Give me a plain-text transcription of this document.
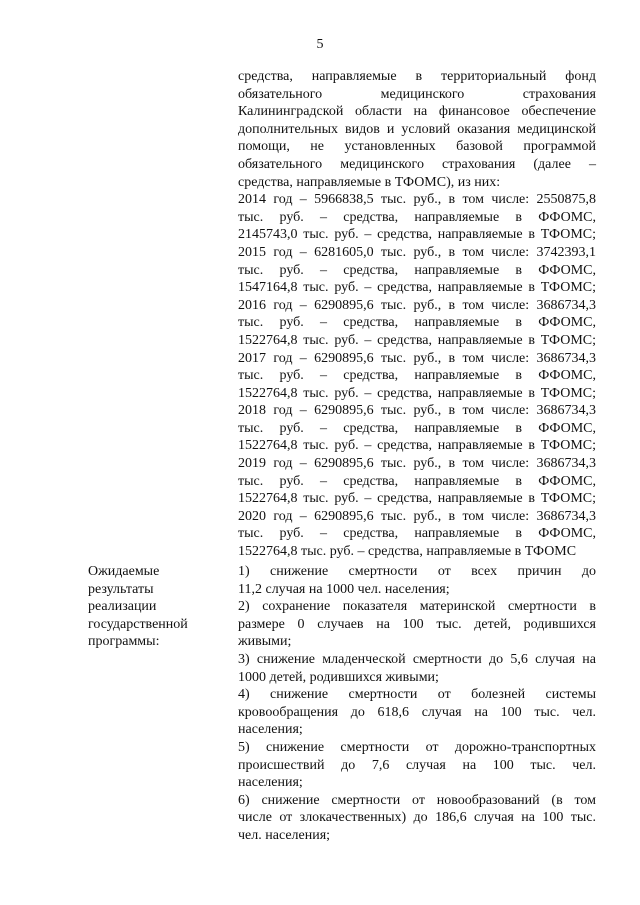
5
средства, направляемые в территориальный фонд
обязательного медицинского страхования
Калининградской области на финансовое обеспечение
дополнительных видов и условий оказания медицинской
помощи, не установленных базовой программой
обязательного медицинского страхования (далее –
средства, направляемые в ТФОМС), из них:
2014 год – 5966838,5 тыс. руб., в том числе: 2550875,8
тыс. руб. – средства, направляемые в ФФОМС,
2145743,0 тыс. руб. – средства, направляемые в ТФОМС;
2015 год – 6281605,0 тыс. руб., в том числе: 3742393,1
тыс. руб. – средства, направляемые в ФФОМС,
1547164,8 тыс. руб. – средства, направляемые в ТФОМС;
2016 год – 6290895,6 тыс. руб., в том числе: 3686734,3
тыс. руб. – средства, направляемые в ФФОМС,
1522764,8 тыс. руб. – средства, направляемые в ТФОМС;
2017 год – 6290895,6 тыс. руб., в том числе: 3686734,3
тыс. руб. – средства, направляемые в ФФОМС,
1522764,8 тыс. руб. – средства, направляемые в ТФОМС;
2018 год – 6290895,6 тыс. руб., в том числе: 3686734,3
тыс. руб. – средства, направляемые в ФФОМС,
1522764,8 тыс. руб. – средства, направляемые в ТФОМС;
2019 год – 6290895,6 тыс. руб., в том числе: 3686734,3
тыс. руб. – средства, направляемые в ФФОМС,
1522764,8 тыс. руб. – средства, направляемые в ТФОМС;
2020 год – 6290895,6 тыс. руб., в том числе: 3686734,3
тыс. руб. – средства, направляемые в ФФОМС,
1522764,8 тыс. руб. – средства, направляемые в ТФОМС
Ожидаемые
результаты
реализации
государственной
программы:
1) снижение смертности от всех причин до
11,2 случая на 1000 чел. населения;
2) сохранение показателя материнской смертности в
размере 0 случаев на 100 тыс. детей, родившихся
живыми;
3) снижение младенческой смертности до 5,6 случая на
1000 детей, родившихся живыми;
4) снижение смертности от болезней системы
кровообращения до 618,6 случая на 100 тыс. чел.
населения;
5) снижение смертности от дорожно-транспортных
происшествий до 7,6 случая на 100 тыс. чел.
населения;
6) снижение смертности от новообразований (в том
числе от злокачественных) до 186,6 случая на 100 тыс.
чел. населения;
